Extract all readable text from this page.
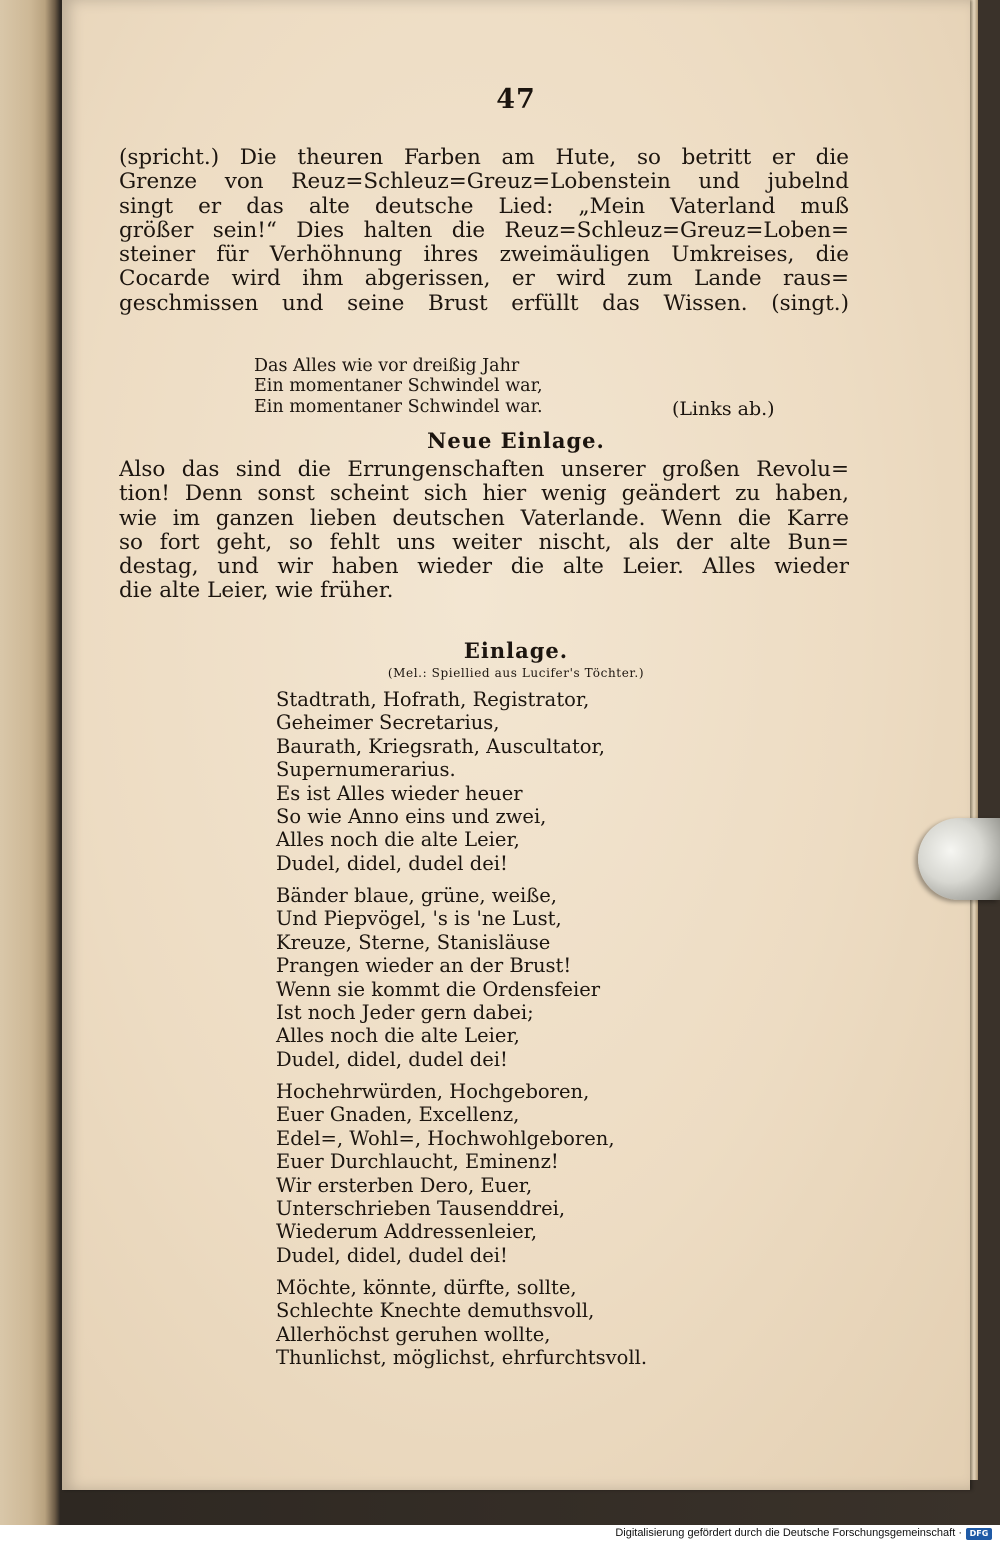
47
(spricht.) Die theuren Farben am Hute, so betritt er die
Grenze von Reuz=Schleuz=Greuz=Lobenstein und jubelnd
singt er das alte deutsche Lied: „Mein Vaterland muß
größer sein!“ Dies halten die Reuz=Schleuz=Greuz=Loben=
steiner für Verhöhnung ihres zweimäuligen Umkreises, die
Cocarde wird ihm abgerissen, er wird zum Lande raus=
geschmissen und seine Brust erfüllt das Wissen. (singt.)
Das Alles wie vor dreißig Jahr
Ein momentaner Schwindel war,
Ein momentaner Schwindel war.	(Links ab.)
Neue Einlage.
Also das sind die Errungenschaften unserer großen Revolu=
tion! Denn sonst scheint sich hier wenig geändert zu haben,
wie im ganzen lieben deutschen Vaterlande. Wenn die Karre
so fort geht, so fehlt uns weiter nischt, als der alte Bun=
destag, und wir haben wieder die alte Leier. Alles wieder
die alte Leier, wie früher.
Einlage.
(Mel.: Spiellied aus Lucifer's Töchter.)
Stadtrath, Hofrath, Registrator,
Geheimer Secretarius,
Baurath, Kriegsrath, Auscultator,
Supernumerarius.
Es ist Alles wieder heuer
So wie Anno eins und zwei,
Alles noch die alte Leier,
Dudel, didel, dudel dei!
Bänder blaue, grüne, weiße,
Und Piepvögel, 's is 'ne Lust,
Kreuze, Sterne, Stanisläuse
Prangen wieder an der Brust!
Wenn sie kommt die Ordensfeier
Ist noch Jeder gern dabei;
Alles noch die alte Leier,
Dudel, didel, dudel dei!
Hochehrwürden, Hochgeboren,
Euer Gnaden, Excellenz,
Edel=, Wohl=, Hochwohlgeboren,
Euer Durchlaucht, Eminenz!
Wir ersterben Dero, Euer,
Unterschrieben Tausenddrei,
Wiederum Addressenleier,
Dudel, didel, dudel dei!
Möchte, könnte, dürfte, sollte,
Schlechte Knechte demuthsvoll,
Allerhöchst geruhen wollte,
Thunlichst, möglichst, ehrfurchtsvoll.
Digitalisierung gefördert durch die Deutsche Forschungsgemeinschaft · DFG
